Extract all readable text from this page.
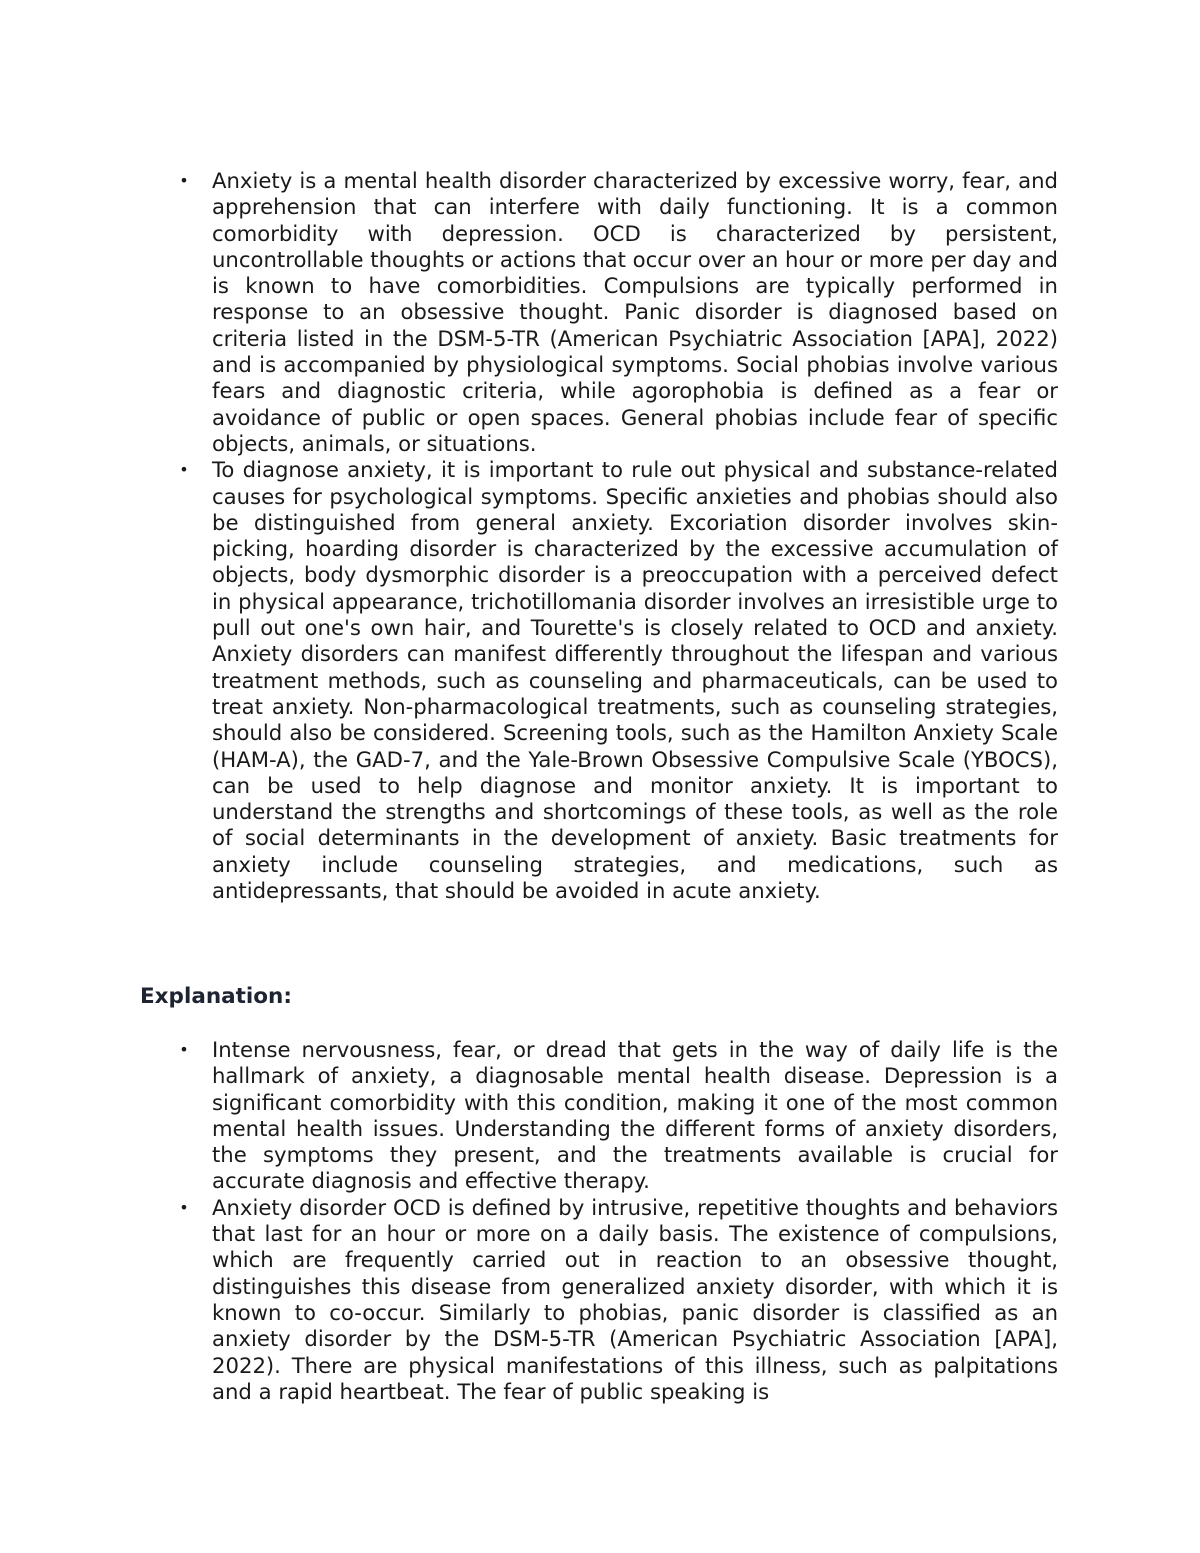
• Anxiety is a mental health disorder characterized by excessive worry, fear, and apprehension that can interfere with daily functioning. It is a common comorbidity with depression. OCD is characterized by persistent, uncontrollable thoughts or actions that occur over an hour or more per day and is known to have comorbidities. Compulsions are typically performed in response to an obsessive thought. Panic disorder is diagnosed based on criteria listed in the DSM-5-TR (American Psychiatric Association [APA], 2022) and is accompanied by physiological symptoms. Social phobias involve various fears and diagnostic criteria, while agorophobia is defined as a fear or avoidance of public or open spaces. General phobias include fear of specific objects, animals, or situations.
• To diagnose anxiety, it is important to rule out physical and substance-related causes for psychological symptoms. Specific anxieties and phobias should also be distinguished from general anxiety. Excoriation disorder involves skin-picking, hoarding disorder is characterized by the excessive accumulation of objects, body dysmorphic disorder is a preoccupation with a perceived defect in physical appearance, trichotillomania disorder involves an irresistible urge to pull out one's own hair, and Tourette's is closely related to OCD and anxiety. Anxiety disorders can manifest differently throughout the lifespan and various treatment methods, such as counseling and pharmaceuticals, can be used to treat anxiety. Non-pharmacological treatments, such as counseling strategies, should also be considered. Screening tools, such as the Hamilton Anxiety Scale (HAM-A), the GAD-7, and the Yale-Brown Obsessive Compulsive Scale (YBOCS), can be used to help diagnose and monitor anxiety. It is important to understand the strengths and shortcomings of these tools, as well as the role of social determinants in the development of anxiety. Basic treatments for anxiety include counseling strategies, and medications, such as antidepressants, that should be avoided in acute anxiety.
Explanation:
• Intense nervousness, fear, or dread that gets in the way of daily life is the hallmark of anxiety, a diagnosable mental health disease. Depression is a significant comorbidity with this condition, making it one of the most common mental health issues. Understanding the different forms of anxiety disorders, the symptoms they present, and the treatments available is crucial for accurate diagnosis and effective therapy.
• Anxiety disorder OCD is defined by intrusive, repetitive thoughts and behaviors that last for an hour or more on a daily basis. The existence of compulsions, which are frequently carried out in reaction to an obsessive thought, distinguishes this disease from generalized anxiety disorder, with which it is known to co-occur. Similarly to phobias, panic disorder is classified as an anxiety disorder by the DSM-5-TR (American Psychiatric Association [APA], 2022). There are physical manifestations of this illness, such as palpitations and a rapid heartbeat. The fear of public speaking is
